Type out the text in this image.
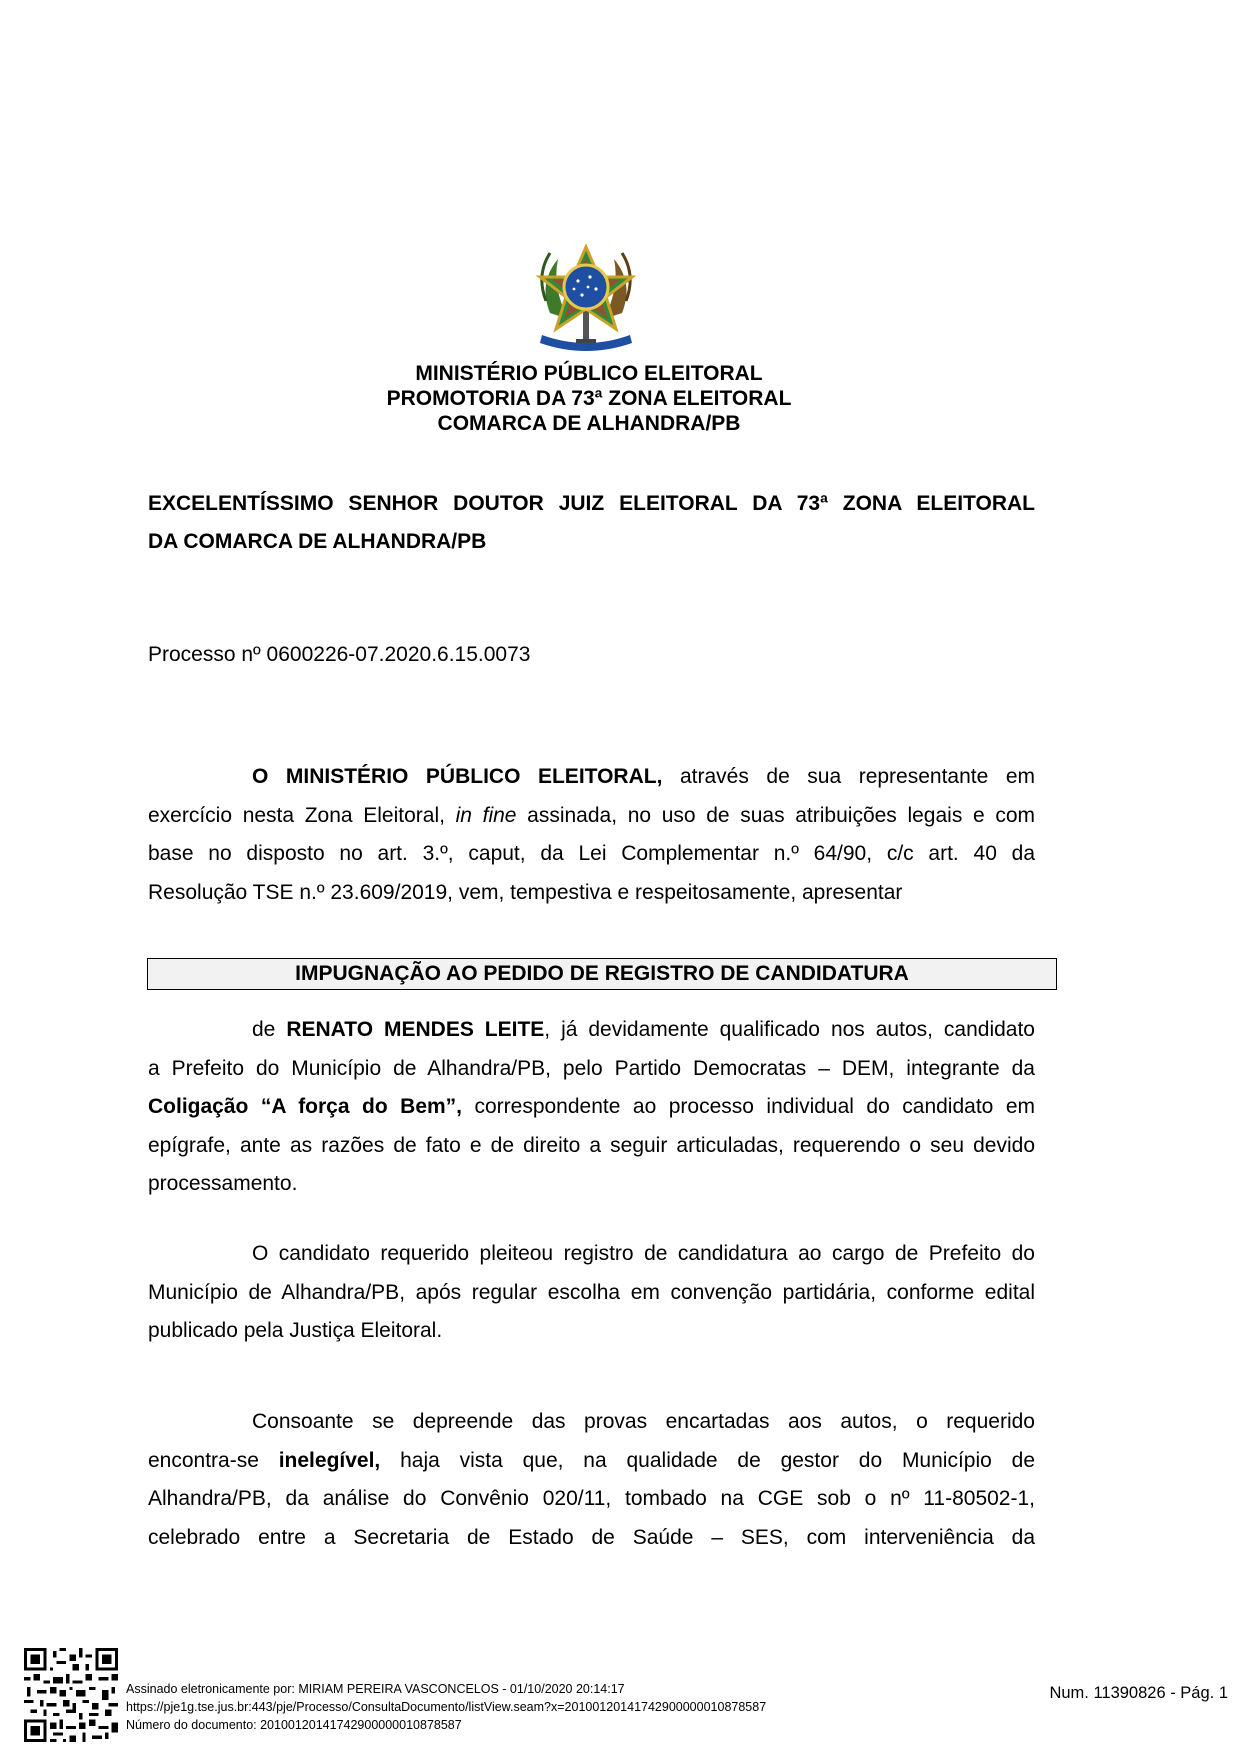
MINISTÉRIO PÚBLICO ELEITORAL
PROMOTORIA DA 73ª ZONA ELEITORAL
COMARCA DE ALHANDRA/PB
EXCELENTÍSSIMO SENHOR DOUTOR JUIZ ELEITORAL DA 73ª ZONA ELEITORAL
DA COMARCA DE ALHANDRA/PB
Processo nº 0600226-07.2020.6.15.0073
O MINISTÉRIO PÚBLICO ELEITORAL, através de sua representante em
exercício nesta Zona Eleitoral, in fine assinada, no uso de suas atribuições legais e com
base no disposto no art. 3.º, caput, da Lei Complementar n.º 64/90, c/c art. 40 da
Resolução TSE n.º 23.609/2019, vem, tempestiva e respeitosamente, apresentar
IMPUGNAÇÃO AO PEDIDO DE REGISTRO DE CANDIDATURA
de RENATO MENDES LEITE, já devidamente qualificado nos autos, candidato
a Prefeito do Município de Alhandra/PB, pelo Partido Democratas – DEM, integrante da
Coligação “A força do Bem”, correspondente ao processo individual do candidato em
epígrafe, ante as razões de fato e de direito a seguir articuladas, requerendo o seu devido
processamento.
O candidato requerido pleiteou registro de candidatura ao cargo de Prefeito do
Município de Alhandra/PB, após regular escolha em convenção partidária, conforme edital
publicado pela Justiça Eleitoral.
Consoante se depreende das provas encartadas aos autos, o requerido
encontra-se inelegível, haja vista que, na qualidade de gestor do Município de
Alhandra/PB, da análise do Convênio 020/11, tombado na CGE sob o nº 11-80502-1,
celebrado entre a Secretaria de Estado de Saúde – SES, com interveniência da
Assinado eletronicamente por: MIRIAM PEREIRA VASCONCELOS - 01/10/2020 20:14:17
https://pje1g.tse.jus.br:443/pje/Processo/ConsultaDocumento/listView.seam?x=20100120141742900000010878587
Número do documento: 20100120141742900000010878587
Num. 11390826 - Pág. 1
